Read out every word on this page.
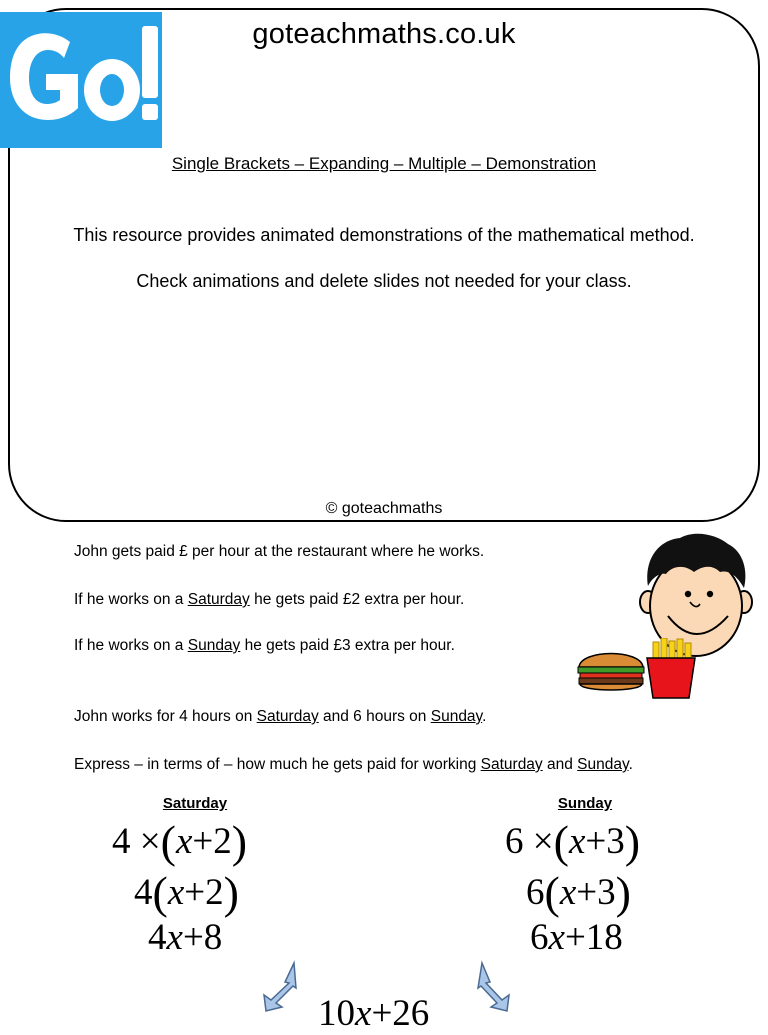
goteachmaths.co.uk
Single Brackets – Expanding – Multiple – Demonstration
This resource provides animated demonstrations of the mathematical method.
Check animations and delete slides not needed for your class.
© goteachmaths
John gets paid £ per hour at the restaurant where he works.
If he works on a Saturday he gets paid £2 extra per hour.
If he works on a Sunday he gets paid £3 extra per hour.
John works for 4 hours on Saturday and 6 hours on Sunday.
Express – in terms of – how much he gets paid for working Saturday and Sunday.
Saturday
4 ×(x+2)
4(x+2)
4x+8
Sunday
6 ×(x+3)
6(x+3)
6x+18
10x+26
